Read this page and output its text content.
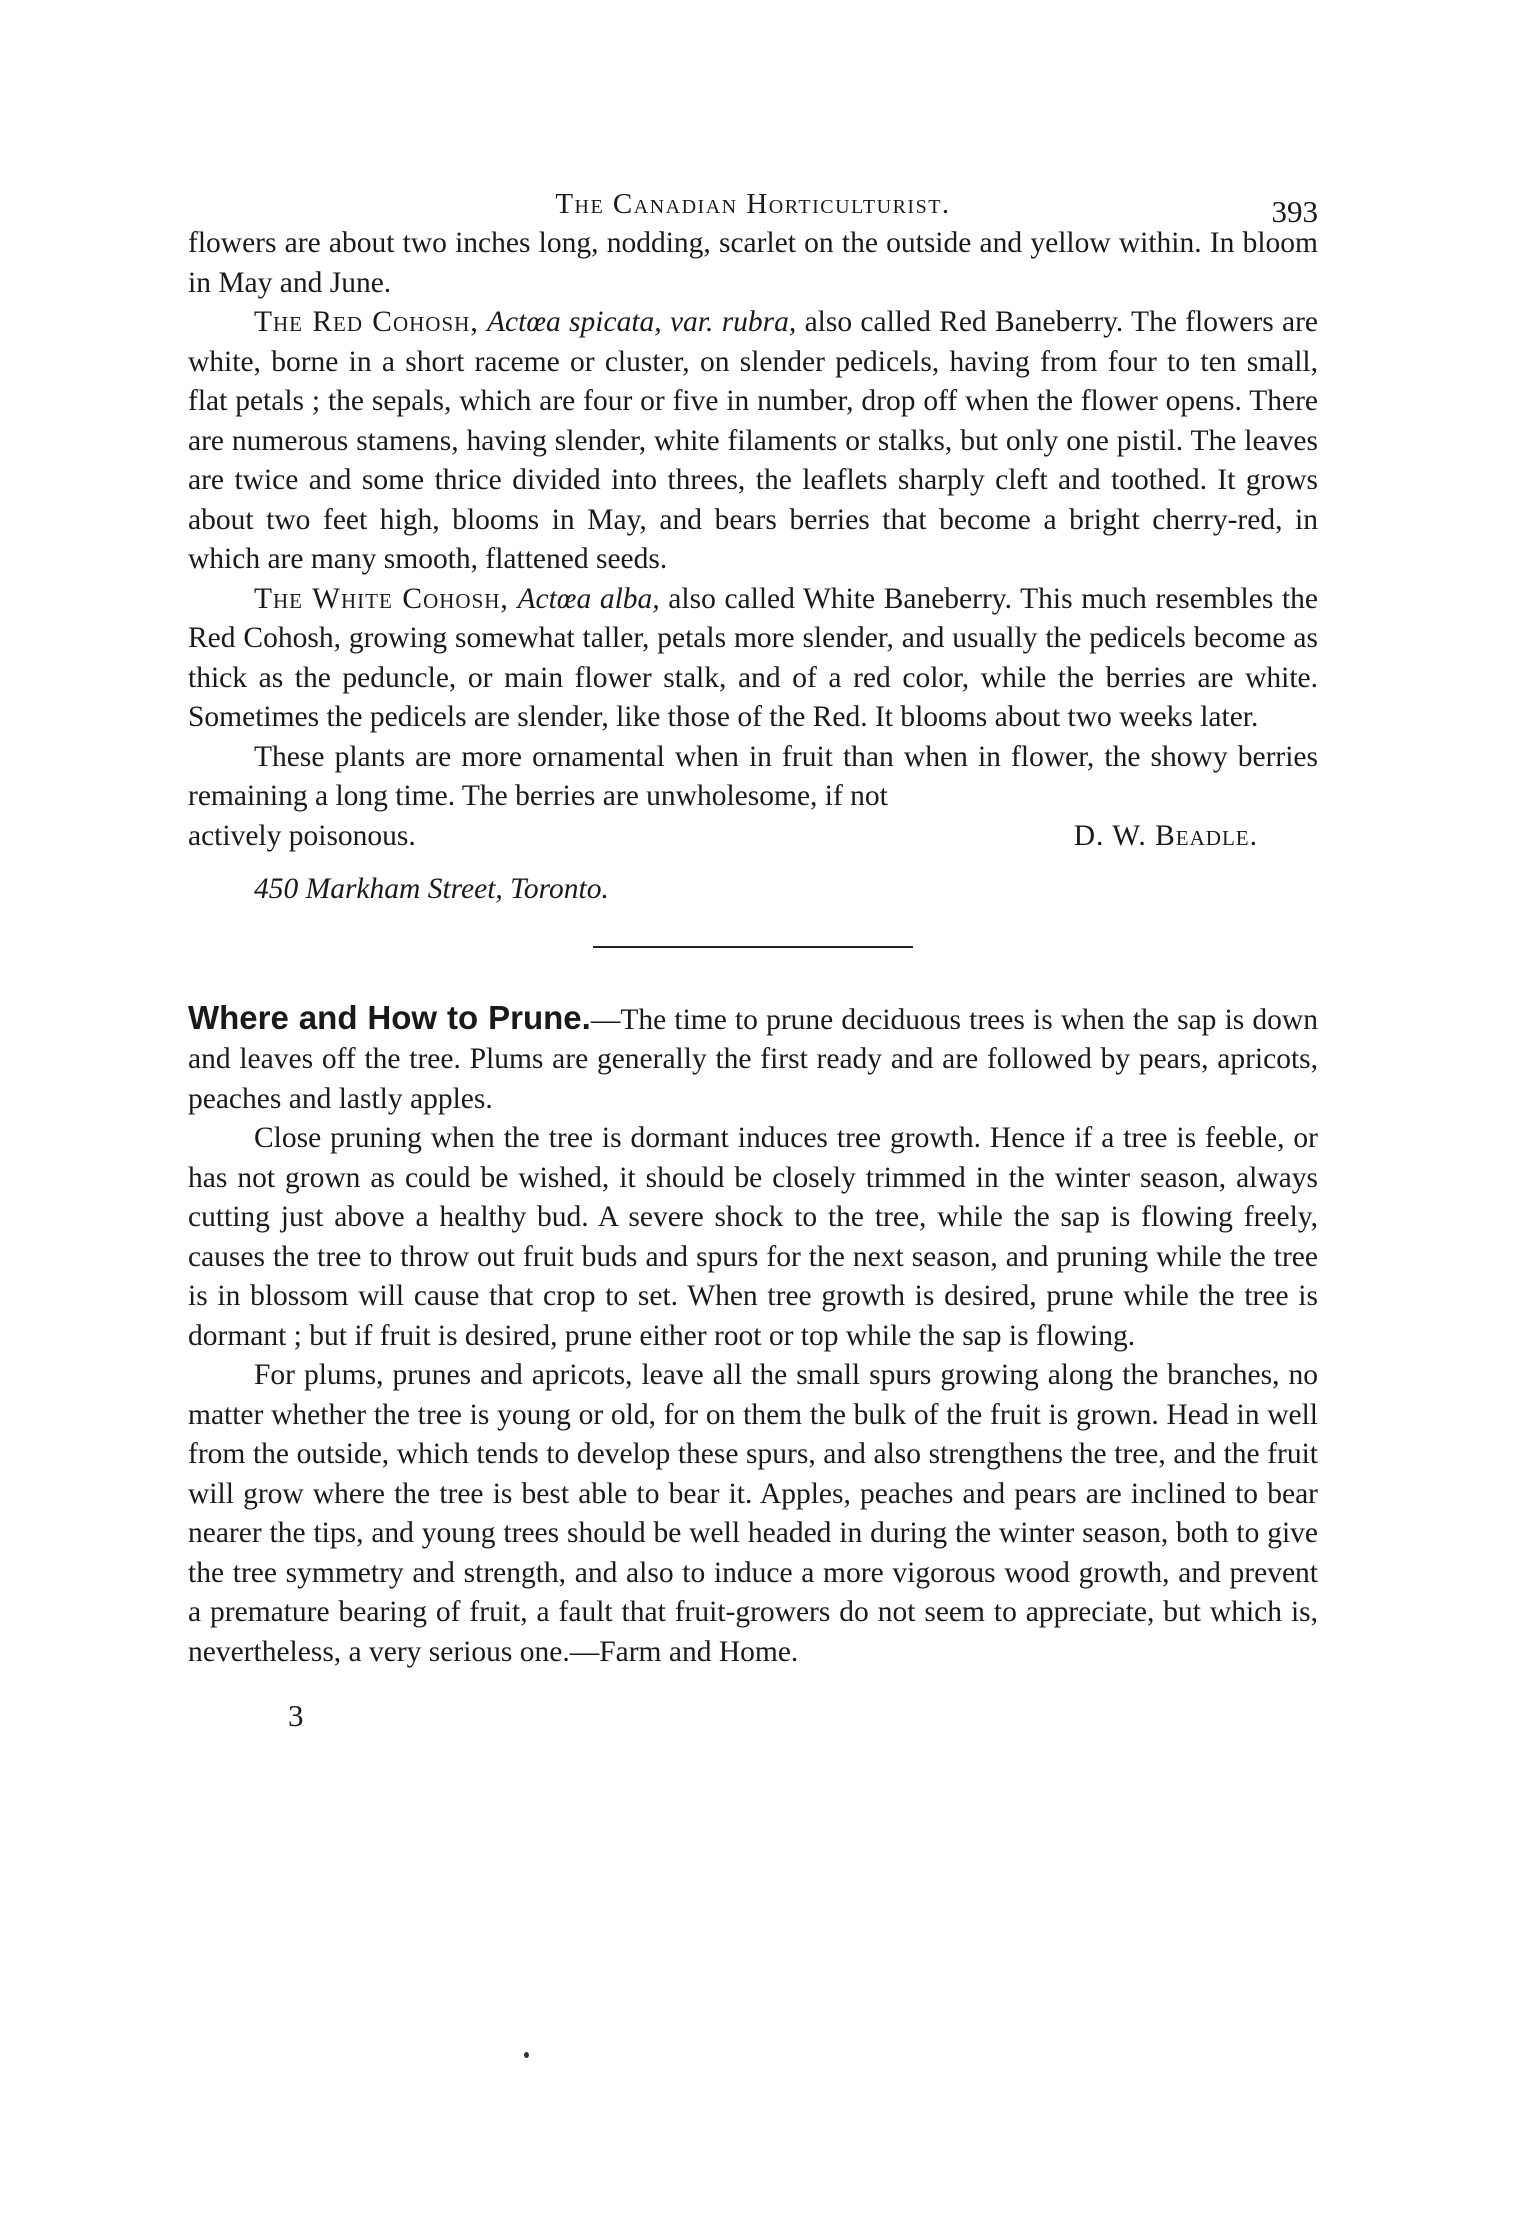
The Canadian Horticulturist.	393

flowers are about two inches long, nodding, scarlet on the outside and yellow within. In bloom in May and June.

The Red Cohosh, Actœa spicata, var. rubra, also called Red Baneberry. The flowers are white, borne in a short raceme or cluster, on slender pedicels, having from four to ten small, flat petals ; the sepals, which are four or five in number, drop off when the flower opens. There are numerous stamens, having slender, white filaments or stalks, but only one pistil. The leaves are twice and some thrice divided into threes, the leaflets sharply cleft and toothed. It grows about two feet high, blooms in May, and bears berries that become a bright cherry-red, in which are many smooth, flattened seeds.

The White Cohosh, Actœa alba, also called White Baneberry. This much resembles the Red Cohosh, growing somewhat taller, petals more slender, and usually the pedicels become as thick as the peduncle, or main flower stalk, and of a red color, while the berries are white. Sometimes the pedicels are slender, like those of the Red. It blooms about two weeks later.

These plants are more ornamental when in fruit than when in flower, the showy berries remaining a long time. The berries are unwholesome, if not

actively poisonous.	D. W. Beadle.
450 Markham Street, Toronto.

Where and How to Prune.—The time to prune deciduous trees is when the sap is down and leaves off the tree. Plums are generally the first ready and are followed by pears, apricots, peaches and lastly apples.

Close pruning when the tree is dormant induces tree growth. Hence if a tree is feeble, or has not grown as could be wished, it should be closely trimmed in the winter season, always cutting just above a healthy bud. A severe shock to the tree, while the sap is flowing freely, causes the tree to throw out fruit buds and spurs for the next season, and pruning while the tree is in blossom will cause that crop to set. When tree growth is desired, prune while the tree is dormant ; but if fruit is desired, prune either root or top while the sap is flowing.

For plums, prunes and apricots, leave all the small spurs growing along the branches, no matter whether the tree is young or old, for on them the bulk of the fruit is grown. Head in well from the outside, which tends to develop these spurs, and also strengthens the tree, and the fruit will grow where the tree is best able to bear it. Apples, peaches and pears are inclined to bear nearer the tips, and young trees should be well headed in during the winter season, both to give the tree symmetry and strength, and also to induce a more vigorous wood growth, and prevent a premature bearing of fruit, a fault that fruit-growers do not seem to appreciate, but which is, nevertheless, a very serious one.—Farm and Home.

3
